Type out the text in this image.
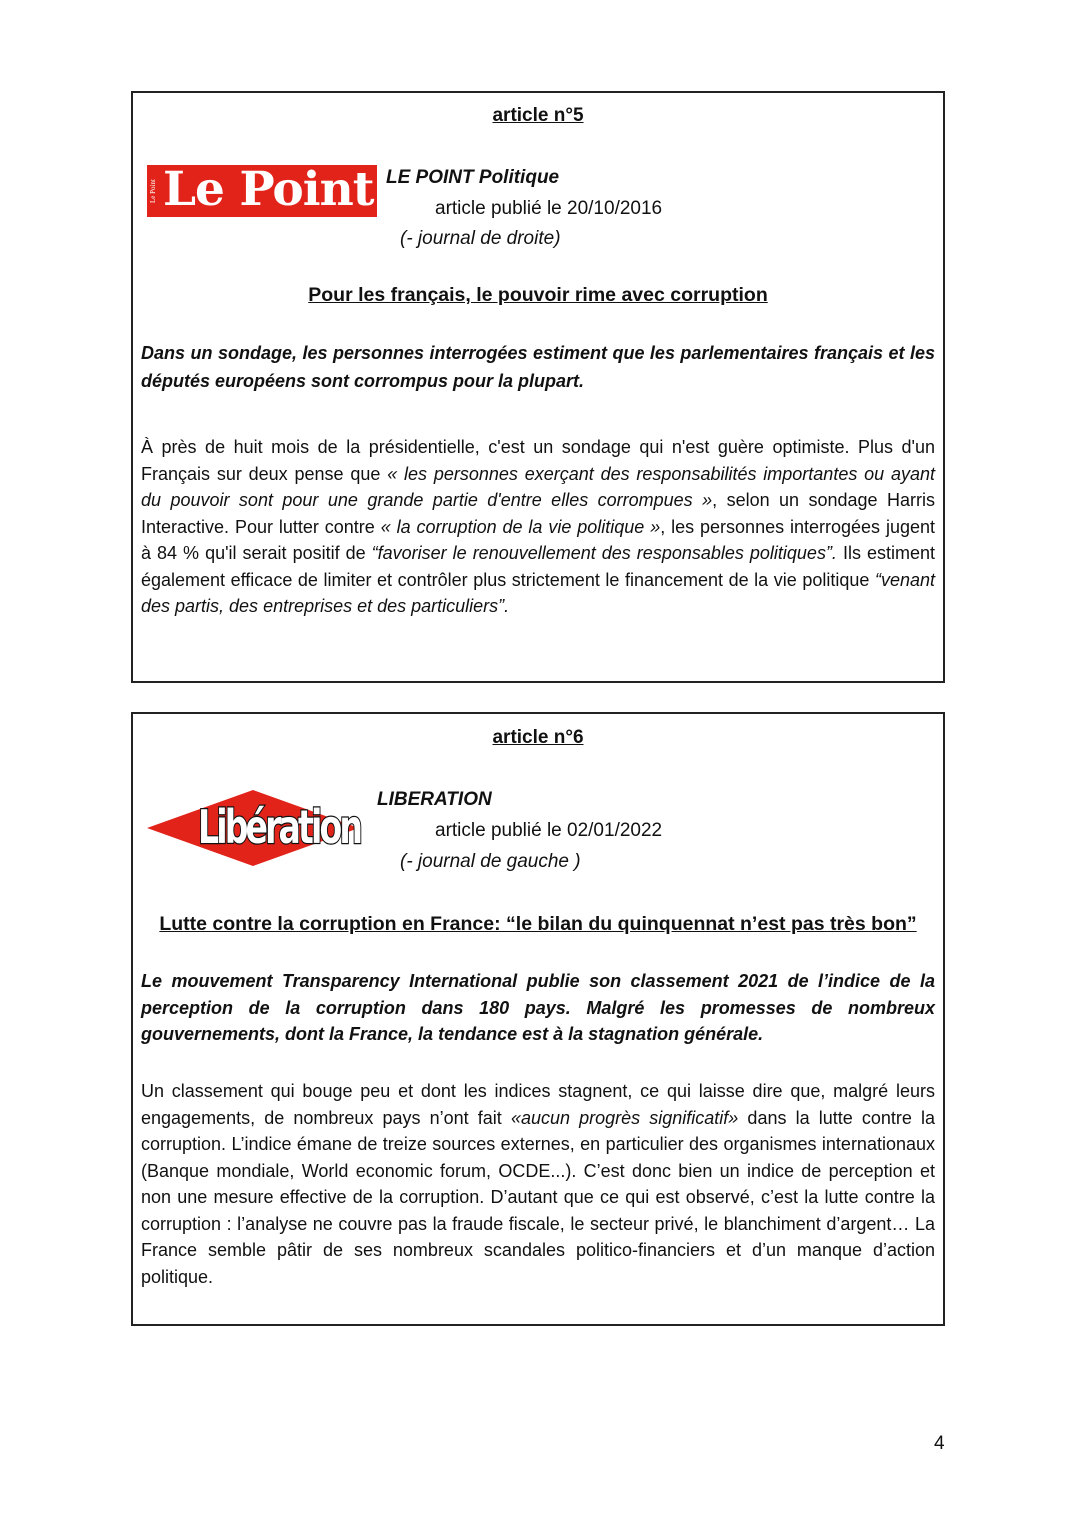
article n°5
Le Point Le Point LE POINT Politique
article publié le 20/10/2016
(- journal de droite)
Pour les français, le pouvoir rime avec corruption
Dans un sondage, les personnes interrogées estiment que les parlementaires français et les députés européens sont corrompus pour la plupart.
À près de huit mois de la présidentielle, c'est un sondage qui n'est guère optimiste. Plus d'un Français sur deux pense que « les personnes exerçant des responsabilités importantes ou ayant du pouvoir sont pour une grande partie d'entre elles corrompues », selon un sondage Harris Interactive. Pour lutter contre « la corruption de la vie politique », les personnes interrogées jugent à 84 % qu'il serait positif de “favoriser le renouvellement des responsables politiques”. Ils estiment également efficace de limiter et contrôler plus strictement le financement de la vie politique “venant des partis, des entreprises et des particuliers”.
article n°6
Libération
LIBERATION
article publié le 02/01/2022
(- journal de gauche )
Lutte contre la corruption en France: “le bilan du quinquennat n’est pas très bon”
Le mouvement Transparency International publie son classement 2021 de l’indice de la perception de la corruption dans 180 pays. Malgré les promesses de nombreux gouvernements, dont la France, la tendance est à la stagnation générale.
Un classement qui bouge peu et dont les indices stagnent, ce qui laisse dire que, malgré leurs engagements, de nombreux pays n’ont fait «aucun progrès significatif» dans la lutte contre la corruption. L’indice émane de treize sources externes, en particulier des organismes internationaux (Banque mondiale, World economic forum, OCDE...). C’est donc bien un indice de perception et non une mesure effective de la corruption. D’autant que ce qui est observé, c’est la lutte contre la corruption : l’analyse ne couvre pas la fraude fiscale, le secteur privé, le blanchiment d’argent… La France semble pâtir de ses nombreux scandales politico-financiers et d’un manque d’action politique.
4
